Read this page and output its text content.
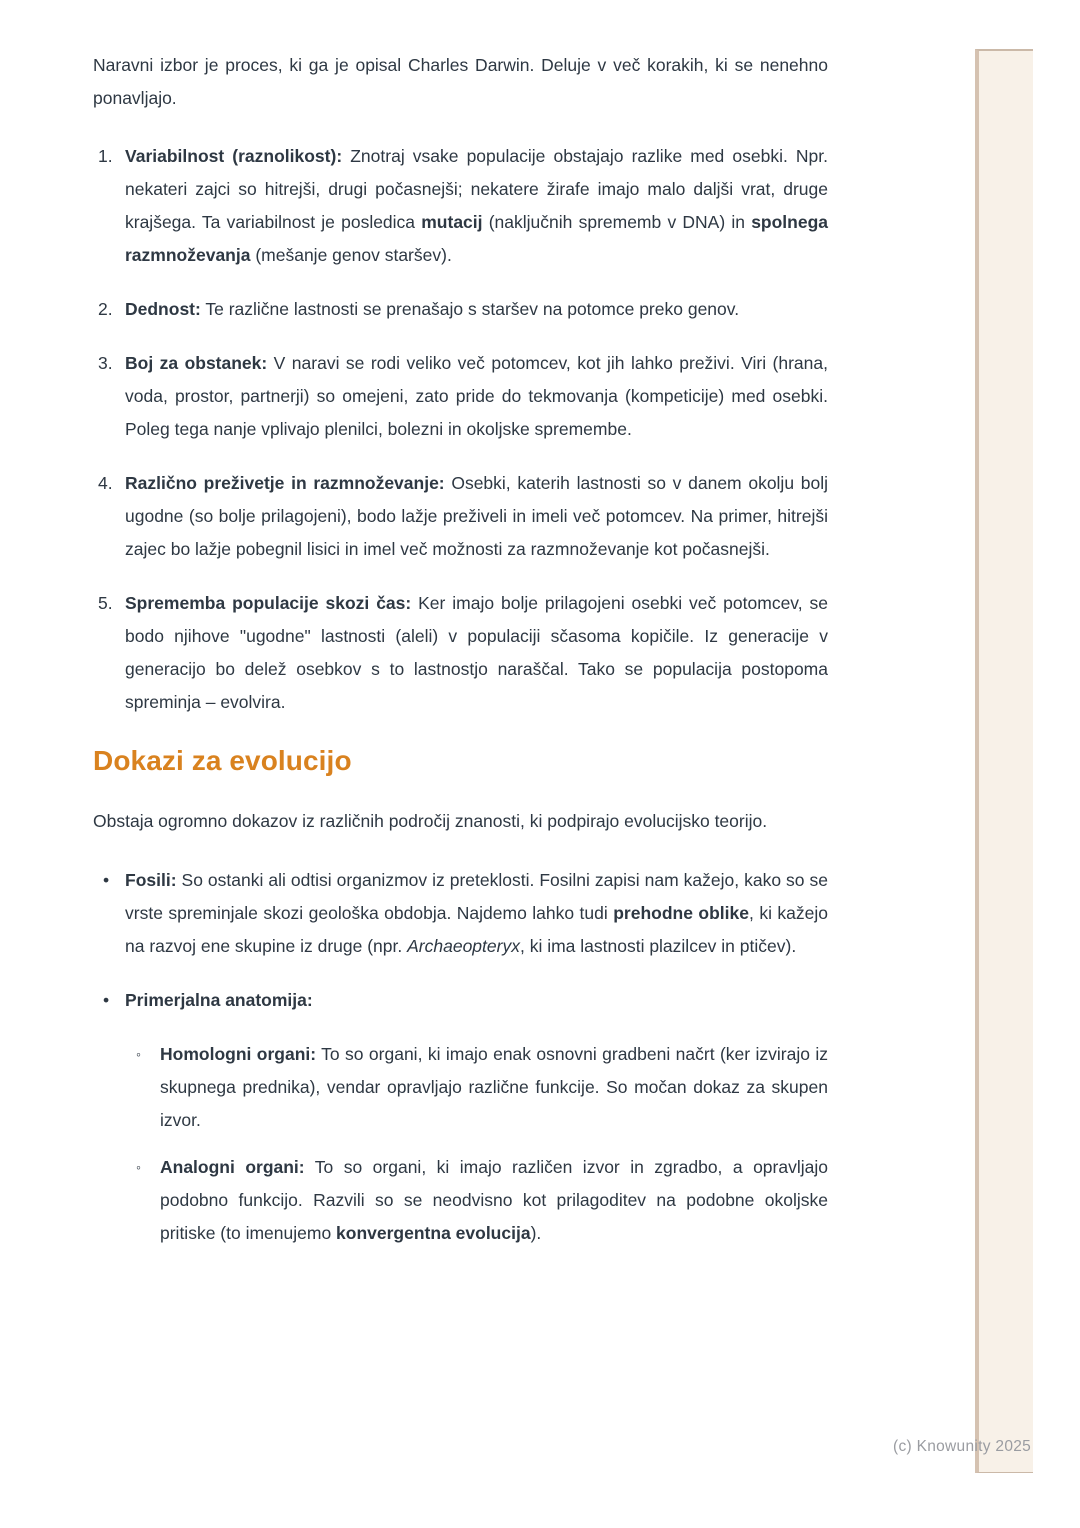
Naravni izbor je proces, ki ga je opisal Charles Darwin. Deluje v več korakih, ki se nenehno ponavljajo.

1. Variabilnost (raznolikost): Znotraj vsake populacije obstajajo razlike med osebki. Npr. nekateri zajci so hitrejši, drugi počasnejši; nekatere žirafe imajo malo daljši vrat, druge krajšega. Ta variabilnost je posledica mutacij (naključnih sprememb v DNA) in spolnega razmnoževanja (mešanje genov staršev).
2. Dednost: Te različne lastnosti se prenašajo s staršev na potomce preko genov.
3. Boj za obstanek: V naravi se rodi veliko več potomcev, kot jih lahko preživi. Viri (hrana, voda, prostor, partnerji) so omejeni, zato pride do tekmovanja (kompeticije) med osebki. Poleg tega nanje vplivajo plenilci, bolezni in okoljske spremembe.
4. Različno preživetje in razmnoževanje: Osebki, katerih lastnosti so v danem okolju bolj ugodne (so bolje prilagojeni), bodo lažje preživeli in imeli več potomcev. Na primer, hitrejši zajec bo lažje pobegnil lisici in imel več možnosti za razmnoževanje kot počasnejši.
5. Sprememba populacije skozi čas: Ker imajo bolje prilagojeni osebki več potomcev, se bodo njihove "ugodne" lastnosti (aleli) v populaciji sčasoma kopičile. Iz generacije v generacijo bo delež osebkov s to lastnostjo naraščal. Tako se populacija postopoma spreminja – evolvira.
Dokazi za evolucijo

Obstaja ogromno dokazov iz različnih področij znanosti, ki podpirajo evolucijsko teorijo.

• Fosili: So ostanki ali odtisi organizmov iz preteklosti. Fosilni zapisi nam kažejo, kako so se vrste spreminjale skozi geološka obdobja. Najdemo lahko tudi prehodne oblike, ki kažejo na razvoj ene skupine iz druge (npr. Archaeopteryx, ki ima lastnosti plazilcev in ptičev).
• Primerjalna anatomija:
◦	Homologni organi: To so organi, ki imajo enak osnovni gradbeni načrt (ker izvirajo iz skupnega prednika), vendar opravljajo različne funkcije. So močan dokaz za skupen izvor.
◦	Analogni organi: To so organi, ki imajo različen izvor in zgradbo, a opravljajo podobno funkcijo. Razvili so se neodvisno kot prilagoditev na podobne okoljske pritiske (to imenujemo konvergentna evolucija).
(c) Knowunity 2025
